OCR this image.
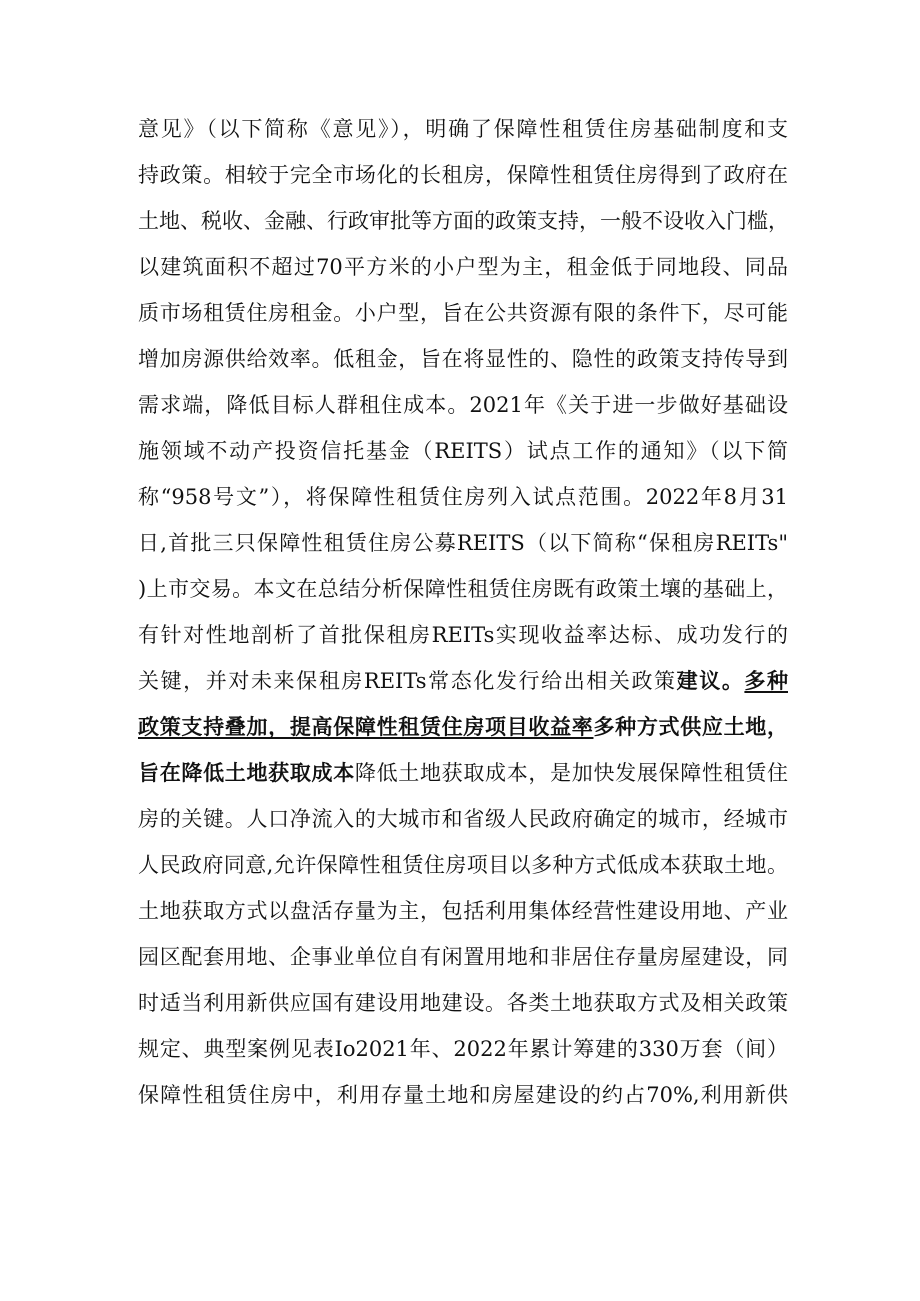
意见》（以下简称《意见》），明确了保障性租赁住房基础制度和支
持政策。相较于完全市场化的长租房，保障性租赁住房得到了政府在
土地、税收、金融、行政审批等方面的政策支持，一般不设收入门槛，
以建筑面积不超过70平方米的小户型为主，租金低于同地段、同品
质市场租赁住房租金。小户型，旨在公共资源有限的条件下，尽可能
增加房源供给效率。低租金，旨在将显性的、隐性的政策支持传导到
需求端，降低目标人群租住成本。2021年《关于进一步做好基础设
施领域不动产投资信托基金（REITS）试点工作的通知》（以下简
称“958号文”），将保障性租赁住房列入试点范围。2022年8月31
日,首批三只保障性租赁住房公募REITS（以下简称“保租房REITs"
)上市交易。本文在总结分析保障性租赁住房既有政策土壤的基础上，
有针对性地剖析了首批保租房REITs实现收益率达标、成功发行的
关键，并对未来保租房REITs常态化发行给出相关政策建议。多种
政策支持叠加，提高保障性租赁住房项目收益率多种方式供应土地，
旨在降低土地获取成本降低土地获取成本，是加快发展保障性租赁住
房的关键。人口净流入的大城市和省级人民政府确定的城市，经城市
人民政府同意,允许保障性租赁住房项目以多种方式低成本获取土地。
土地获取方式以盘活存量为主，包括利用集体经营性建设用地、产业
园区配套用地、企事业单位自有闲置用地和非居住存量房屋建设，同
时适当利用新供应国有建设用地建设。各类土地获取方式及相关政策
规定、典型案例见表Io2021年、2022年累计筹建的330万套（间）
保障性租赁住房中，利用存量土地和房屋建设的约占70%,利用新供
